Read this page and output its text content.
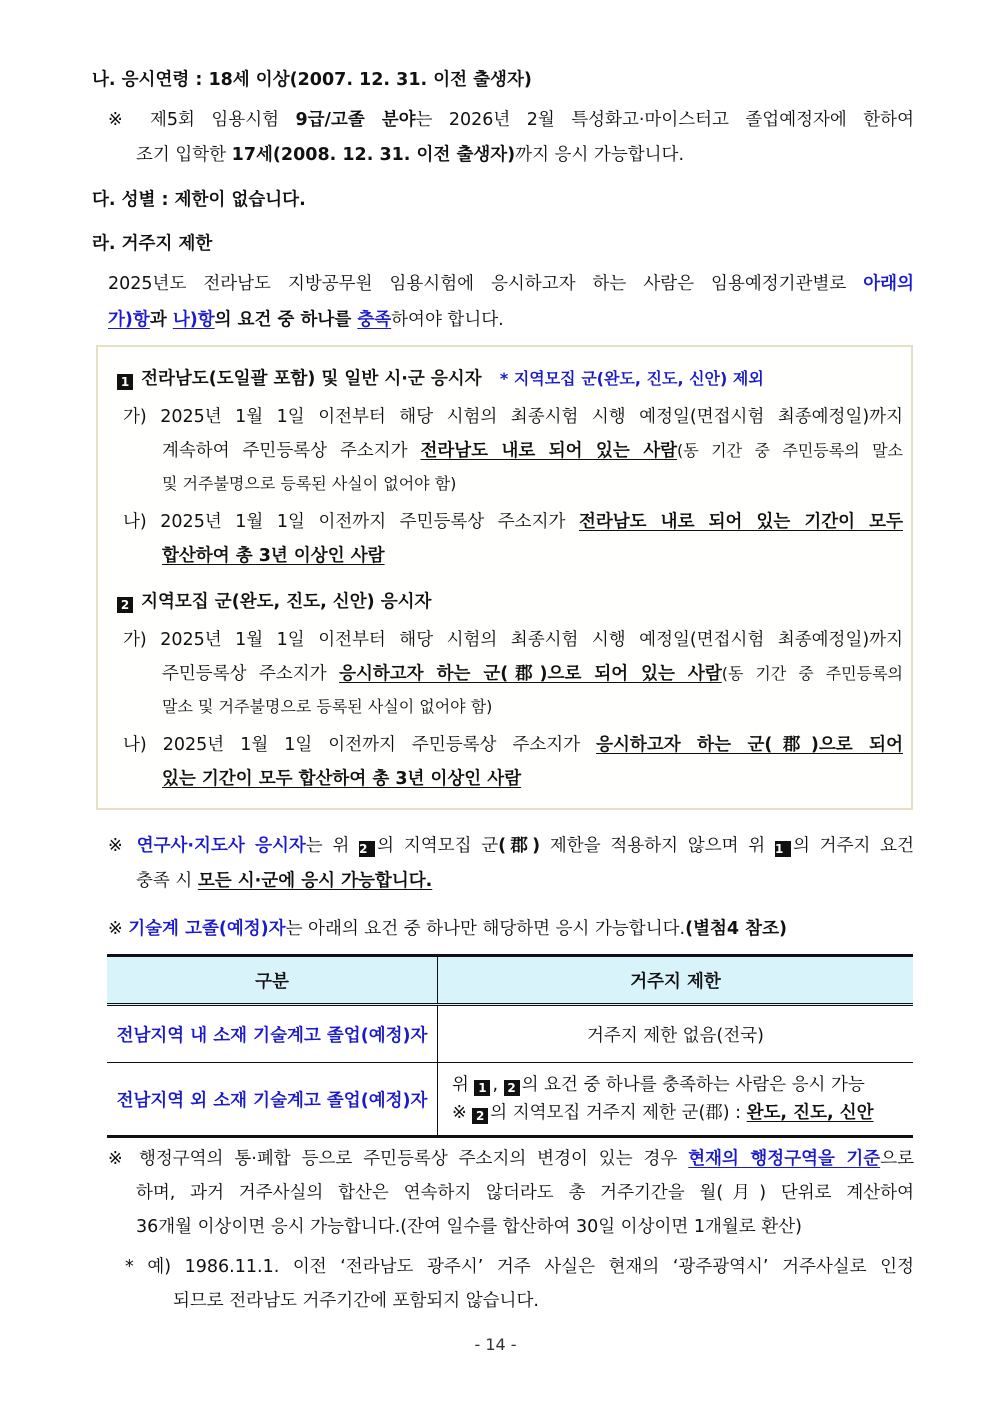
나. 응시연령 : 18세 이상(2007. 12. 31. 이전 출생자)
※ 제5회 임용시험 9급/고졸 분야는 2026년 2월 특성화고·마이스터고 졸업예정자에 한하여
조기 입학한 17세(2008. 12. 31. 이전 출생자)까지 응시 가능합니다.
다. 성별 : 제한이 없습니다.
라. 거주지 제한
2025년도 전라남도 지방공무원 임용시험에 응시하고자 하는 사람은 임용예정기관별로 아래의
가)항과 나)항의 요건 중 하나를 충족하여야 합니다.
1 전라남도(도일괄 포함) 및 일반 시·군 응시자 * 지역모집 군(완도, 진도, 신안) 제외
가) 2025년 1월 1일 이전부터 해당 시험의 최종시험 시행 예정일(면접시험 최종예정일)까지
계속하여 주민등록상 주소지가 전라남도 내로 되어 있는 사람(동 기간 중 주민등록의 말소
및 거주불명으로 등록된 사실이 없어야 함)
나) 2025년 1월 1일 이전까지 주민등록상 주소지가 전라남도 내로 되어 있는 기간이 모두
합산하여 총 3년 이상인 사람
2 지역모집 군(완도, 진도, 신안) 응시자
가) 2025년 1월 1일 이전부터 해당 시험의 최종시험 시행 예정일(면접시험 최종예정일)까지
주민등록상 주소지가 응시하고자 하는 군(郡)으로 되어 있는 사람(동 기간 중 주민등록의
말소 및 거주불명으로 등록된 사실이 없어야 함)
나) 2025년 1월 1일 이전까지 주민등록상 주소지가 응시하고자 하는 군(郡)으로 되어
있는 기간이 모두 합산하여 총 3년 이상인 사람
※ 연구사·지도사 응시자는 위 2 의 지역모집 군(郡) 제한을 적용하지 않으며 위 1 의 거주지 요건
충족 시 모든 시·군에 응시 가능합니다.
※ 기술계 고졸(예정)자는 아래의 요건 중 하나만 해당하면 응시 가능합니다.(별첨4 참조)
구분	거주지 제한
전남지역 내 소재 기술계고 졸업(예정)자	거주지 제한 없음(전국)
전남지역 외 소재 기술계고 졸업(예정)자	위 1 , 2 의 요건 중 하나를 충족하는 사람은 응시 가능
※ 2 의 지역모집 거주지 제한 군(郡) : 완도, 진도, 신안
※ 행정구역의 통·폐합 등으로 주민등록상 주소지의 변경이 있는 경우 현재의 행정구역을 기준으로
하며, 과거 거주사실의 합산은 연속하지 않더라도 총 거주기간을 월(月) 단위로 계산하여
36개월 이상이면 응시 가능합니다.(잔여 일수를 합산하여 30일 이상이면 1개월로 환산)
* 예) 1986.11.1. 이전 ‘전라남도 광주시’ 거주 사실은 현재의 ‘광주광역시’ 거주사실로 인정
되므로 전라남도 거주기간에 포함되지 않습니다.
- 14 -
